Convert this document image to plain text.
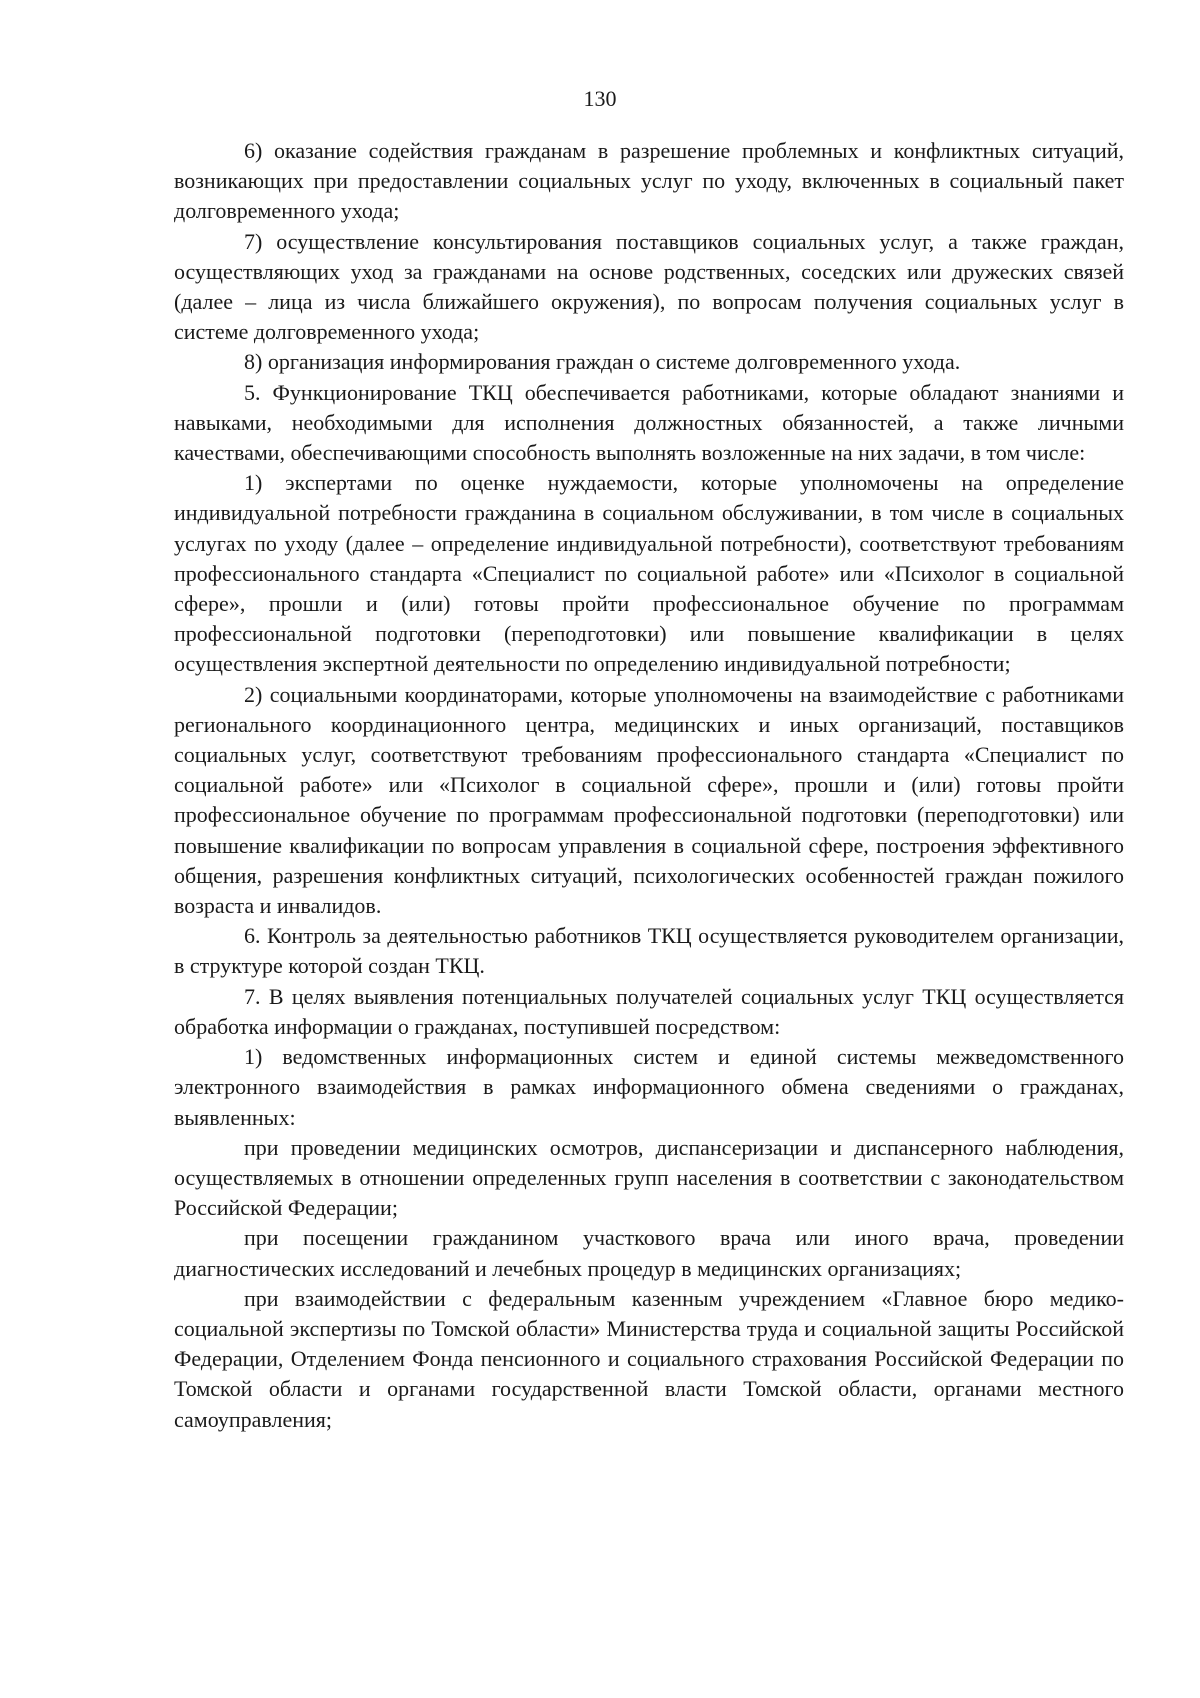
130

6) оказание содействия гражданам в разрешение проблемных и конфликтных ситуаций, возникающих при предоставлении социальных услуг по уходу, включенных в социальный пакет долговременного ухода;

7) осуществление консультирования поставщиков социальных услуг, а также граждан, осуществляющих уход за гражданами на основе родственных, соседских или дружеских связей (далее – лица из числа ближайшего окружения), по вопросам получения социальных услуг в системе долговременного ухода;

8) организация информирования граждан о системе долговременного ухода.

5. Функционирование ТКЦ обеспечивается работниками, которые обладают знаниями и навыками, необходимыми для исполнения должностных обязанностей, а также личными качествами, обеспечивающими способность выполнять возложенные на них задачи, в том числе:

1) экспертами по оценке нуждаемости, которые уполномочены на определение индивидуальной потребности гражданина в социальном обслуживании, в том числе в социальных услугах по уходу (далее – определение индивидуальной потребности), соответствуют требованиям профессионального стандарта «Специалист по социальной работе» или «Психолог в социальной сфере», прошли и (или) готовы пройти профессиональное обучение по программам профессиональной подготовки (переподготовки) или повышение квалификации в целях осуществления экспертной деятельности по определению индивидуальной потребности;

2) социальными координаторами, которые уполномочены на взаимодействие с работниками регионального координационного центра, медицинских и иных организаций, поставщиков социальных услуг, соответствуют требованиям профессионального стандарта «Специалист по социальной работе» или «Психолог в социальной сфере», прошли и (или) готовы пройти профессиональное обучение по программам профессиональной подготовки (переподготовки) или повышение квалификации по вопросам управления в социальной сфере, построения эффективного общения, разрешения конфликтных ситуаций, психологических особенностей граждан пожилого возраста и инвалидов.

6. Контроль за деятельностью работников ТКЦ осуществляется руководителем организации, в структуре которой создан ТКЦ.

7. В целях выявления потенциальных получателей социальных услуг ТКЦ осуществляется обработка информации о гражданах, поступившей посредством:

1) ведомственных информационных систем и единой системы межведомственного электронного взаимодействия в рамках информационного обмена сведениями о гражданах, выявленных:

при проведении медицинских осмотров, диспансеризации и диспансерного наблюдения, осуществляемых в отношении определенных групп населения в соответствии с законодательством Российской Федерации;

при посещении гражданином участкового врача или иного врача, проведении диагностических исследований и лечебных процедур в медицинских организациях;

при взаимодействии с федеральным казенным учреждением «Главное бюро медико-социальной экспертизы по Томской области» Министерства труда и социальной защиты Российской Федерации, Отделением Фонда пенсионного и социального страхования Российской Федерации по Томской области и органами государственной власти Томской области, органами местного самоуправления;
